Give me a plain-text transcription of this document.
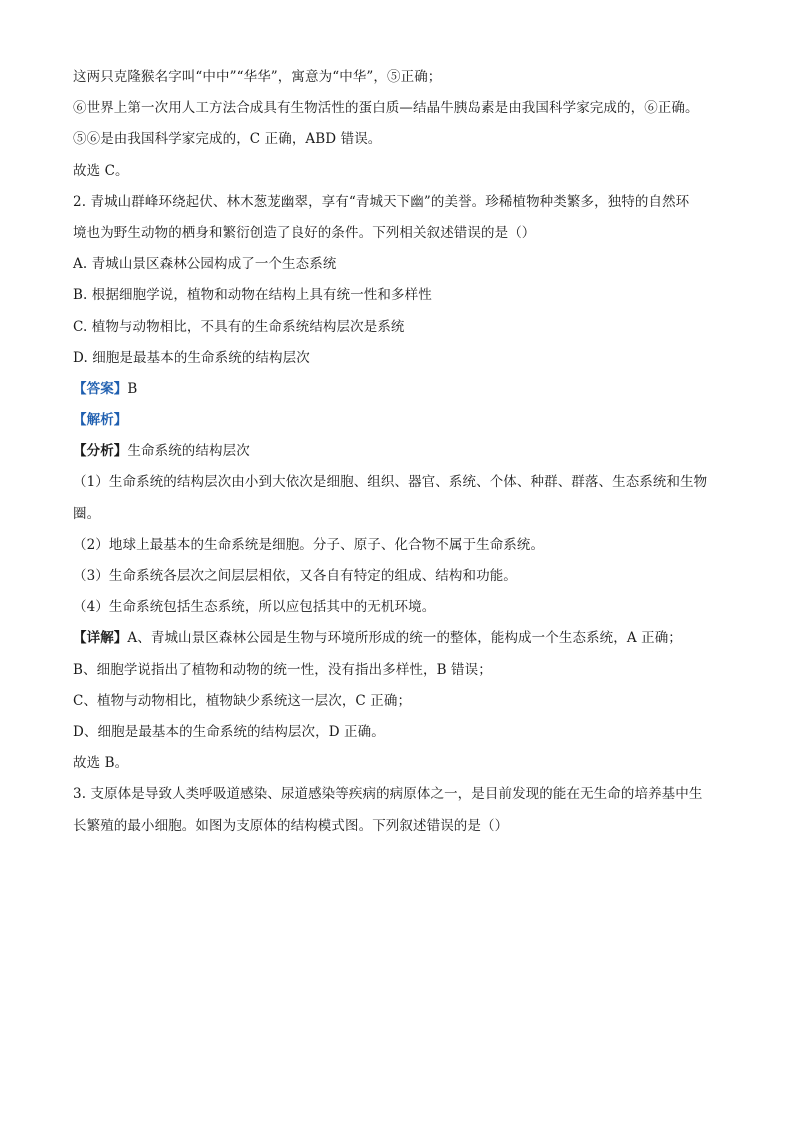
这两只克隆猴名字叫“中中”“华华”，寓意为“中华”，⑤正确；
⑥世界上第一次用人工方法合成具有生物活性的蛋白质—结晶牛胰岛素是由我国科学家完成的，⑥正确。
⑤⑥是由我国科学家完成的，C 正确，ABD 错误。
故选 C。
2. 青城山群峰环绕起伏、林木葱茏幽翠，享有“青城天下幽”的美誉。珍稀植物种类繁多，独特的自然环
境也为野生动物的栖身和繁衍创造了良好的条件。下列相关叙述错误的是（）
A. 青城山景区森林公园构成了一个生态系统
B. 根据细胞学说，植物和动物在结构上具有统一性和多样性
C. 植物与动物相比，不具有的生命系统结构层次是系统
D. 细胞是最基本的生命系统的结构层次
【答案】B
【解析】
【分析】生命系统的结构层次
（1）生命系统的结构层次由小到大依次是细胞、组织、器官、系统、个体、种群、群落、生态系统和生物
圈。
（2）地球上最基本的生命系统是细胞。分子、原子、化合物不属于生命系统。
（3）生命系统各层次之间层层相依，又各自有特定的组成、结构和功能。
（4）生命系统包括生态系统，所以应包括其中的无机环境。
【详解】A、青城山景区森林公园是生物与环境所形成的统一的整体，能构成一个生态系统，A 正确；
B、细胞学说指出了植物和动物的统一性，没有指出多样性，B 错误；
C、植物与动物相比，植物缺少系统这一层次，C 正确；
D、细胞是最基本的生命系统的结构层次，D 正确。
故选 B。
3. 支原体是导致人类呼吸道感染、尿道感染等疾病的病原体之一，是目前发现的能在无生命的培养基中生
长繁殖的最小细胞。如图为支原体的结构模式图。下列叙述错误的是（）
